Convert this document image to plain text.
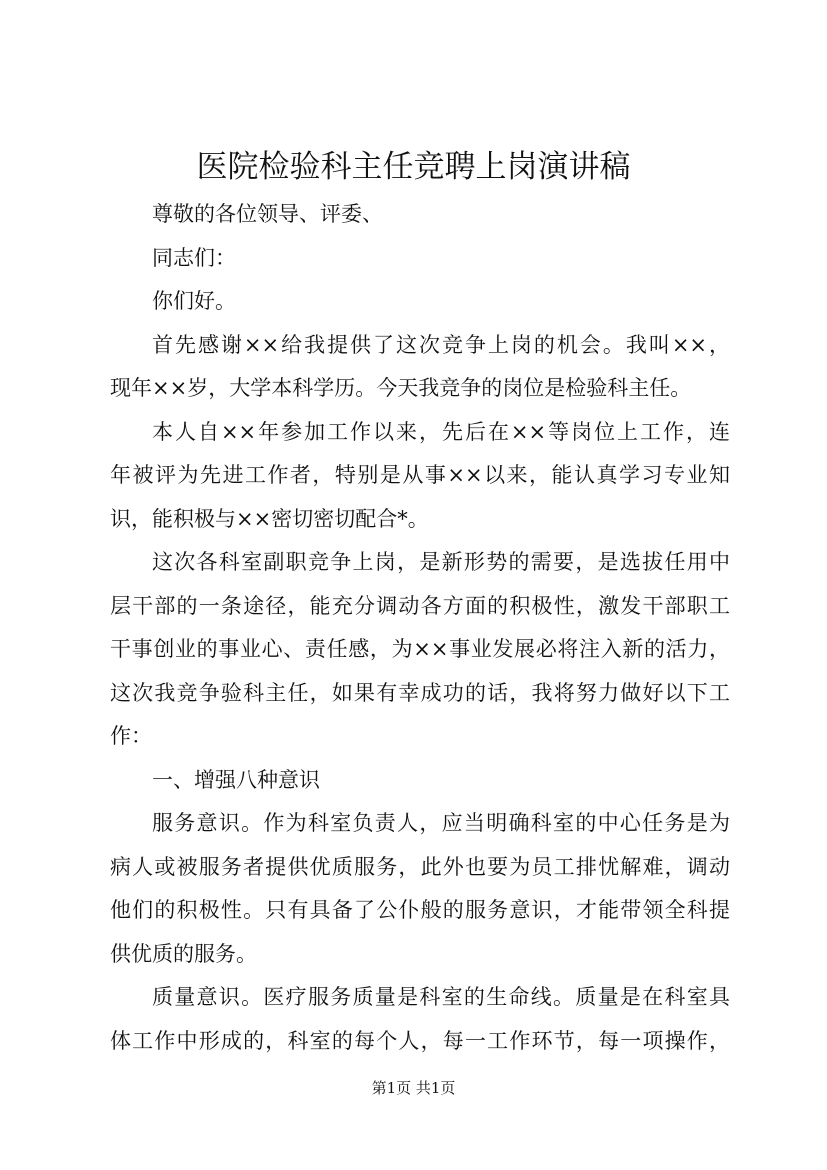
医院检验科主任竞聘上岗演讲稿
尊敬的各位领导、评委、
同志们：
你们好。
首先感谢××给我提供了这次竞争上岗的机会。我叫××，
现年××岁，大学本科学历。今天我竞争的岗位是检验科主任。
本人自××年参加工作以来，先后在××等岗位上工作，连
年被评为先进工作者，特别是从事××以来，能认真学习专业知
识，能积极与××密切密切配合*。
这次各科室副职竞争上岗，是新形势的需要，是选拔任用中
层干部的一条途径，能充分调动各方面的积极性，激发干部职工
干事创业的事业心、责任感，为××事业发展必将注入新的活力，
这次我竞争验科主任，如果有幸成功的话，我将努力做好以下工
作：
一、增强八种意识
服务意识。作为科室负责人，应当明确科室的中心任务是为
病人或被服务者提供优质服务，此外也要为员工排忧解难，调动
他们的积极性。只有具备了公仆般的服务意识，才能带领全科提
供优质的服务。
质量意识。医疗服务质量是科室的生命线。质量是在科室具
体工作中形成的，科室的每个人，每一工作环节，每一项操作，
第1页 共1页
